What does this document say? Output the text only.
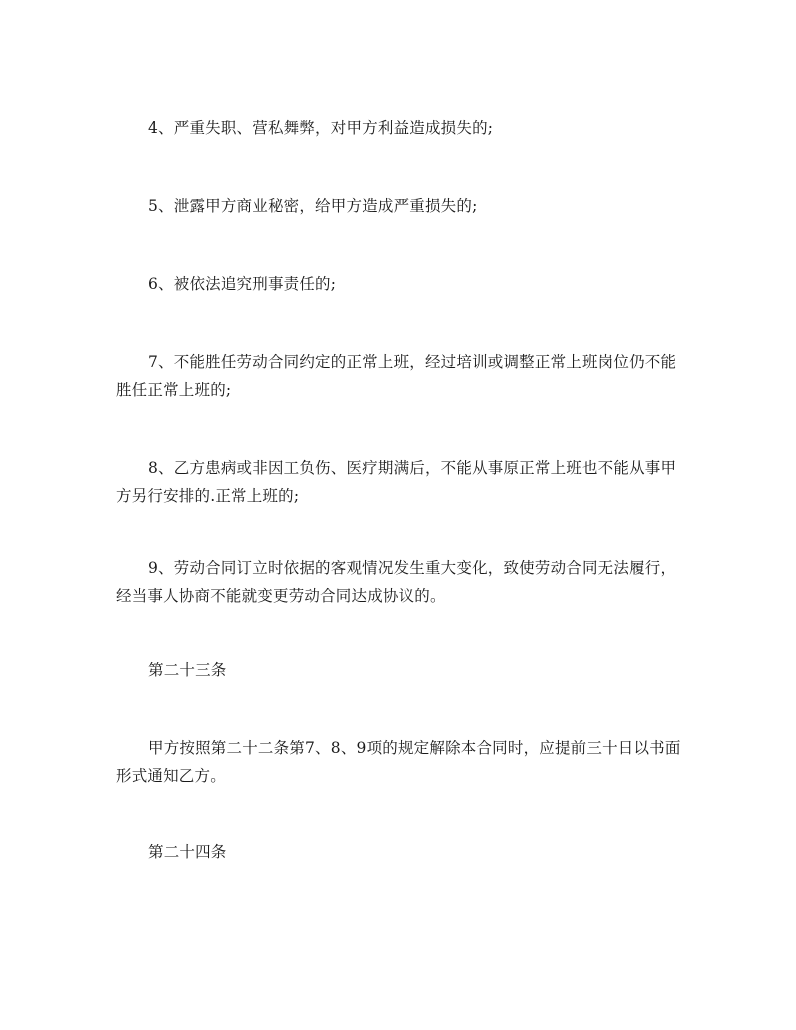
4、严重失职、营私舞弊，对甲方利益造成损失的;

5、泄露甲方商业秘密，给甲方造成严重损失的;

6、被依法追究刑事责任的;

7、不能胜任劳动合同约定的正常上班，经过培训或调整正常上班岗位仍不能胜任正常上班的;

8、乙方患病或非因工负伤、医疗期满后，不能从事原正常上班也不能从事甲方另行安排的.正常上班的;

9、劳动合同订立时依据的客观情况发生重大变化，致使劳动合同无法履行，经当事人协商不能就变更劳动合同达成协议的。

第二十三条

甲方按照第二十二条第7、8、9项的规定解除本合同时，应提前三十日以书面形式通知乙方。

第二十四条
